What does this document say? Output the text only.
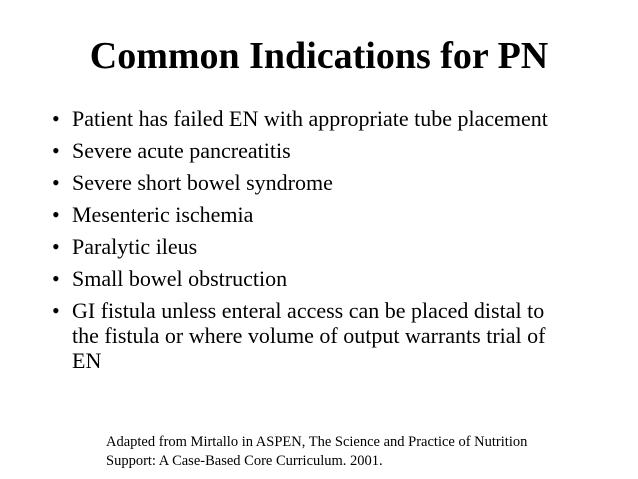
Common Indications for PN
• Patient has failed EN with appropriate tube placement
• Severe acute pancreatitis
• Severe short bowel syndrome
• Mesenteric ischemia
• Paralytic ileus
• Small bowel obstruction
• GI fistula unless enteral access can be placed distal to the fistula or where volume of output warrants trial of EN

Adapted from Mirtallo in ASPEN, The Science and Practice of Nutrition
Support: A Case-Based Core Curriculum. 2001.
